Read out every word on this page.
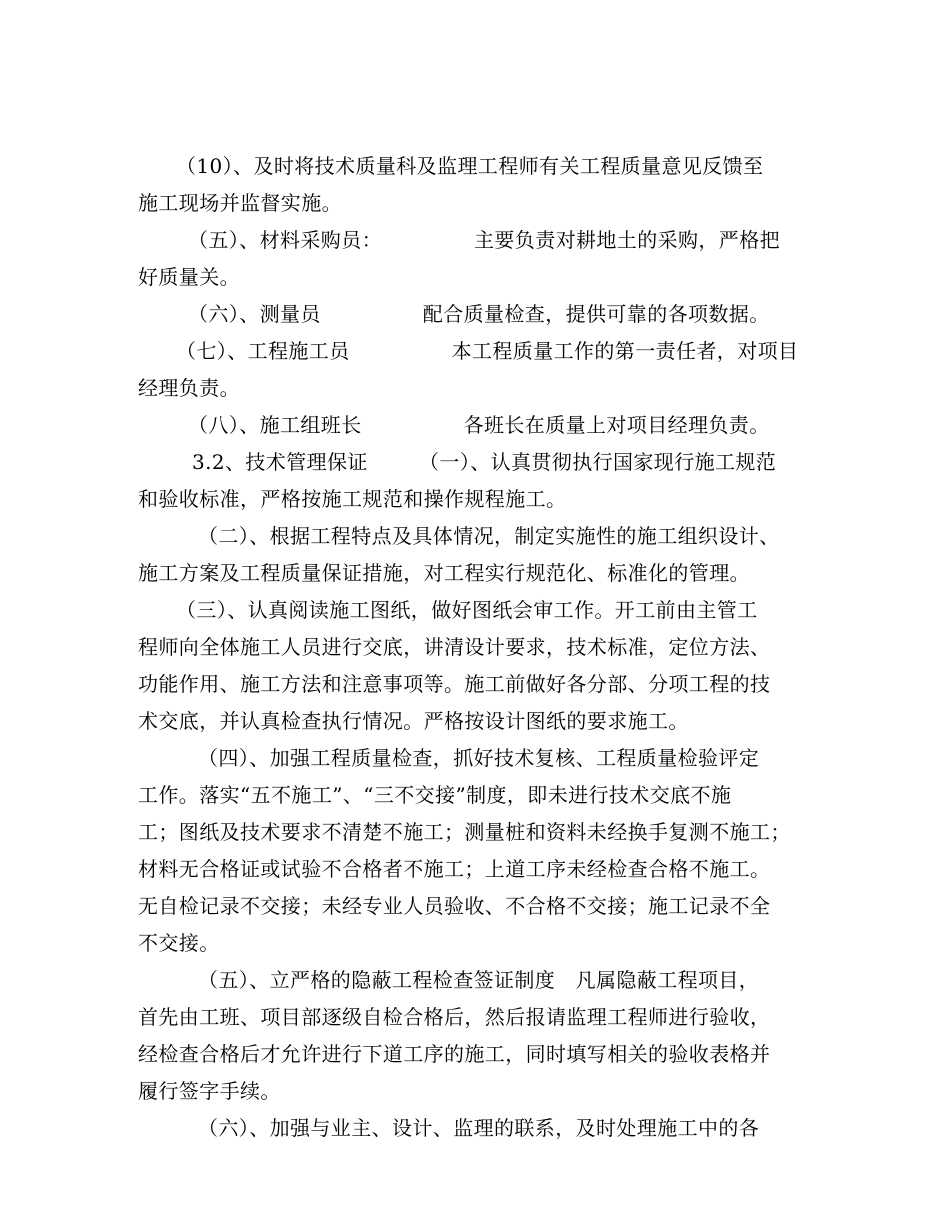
（10）、及时将技术质量科及监理工程师有关工程质量意见反馈至
施工现场并监督实施。
（五）、材料采购员：　　　　　主要负责对耕地土的采购，严格把
好质量关。
（六）、测量员　　　　　配合质量检查，提供可靠的各项数据。
（七）、工程施工员　　　　　本工程质量工作的第一责任者，对项目
经理负责。
（八）、施工组班长　　　　　各班长在质量上对项目经理负责。
3.2、技术管理保证　　　（一）、认真贯彻执行国家现行施工规范
和验收标准，严格按施工规范和操作规程施工。
（二）、根据工程特点及具体情况，制定实施性的施工组织设计、
施工方案及工程质量保证措施，对工程实行规范化、标准化的管理。
（三）、认真阅读施工图纸，做好图纸会审工作。开工前由主管工
程师向全体施工人员进行交底，讲清设计要求，技术标准，定位方法、
功能作用、施工方法和注意事项等。施工前做好各分部、分项工程的技
术交底，并认真检查执行情况。严格按设计图纸的要求施工。
（四）、加强工程质量检查，抓好技术复核、工程质量检验评定
工作。落实“五不施工”、“三不交接”制度，即未进行技术交底不施
工；图纸及技术要求不清楚不施工；测量桩和资料未经换手复测不施工；
材料无合格证或试验不合格者不施工；上道工序未经检查合格不施工。
无自检记录不交接；未经专业人员验收、不合格不交接；施工记录不全
不交接。
（五）、立严格的隐蔽工程检查签证制度　凡属隐蔽工程项目，
首先由工班、项目部逐级自检合格后，然后报请监理工程师进行验收，
经检查合格后才允许进行下道工序的施工，同时填写相关的验收表格并
履行签字手续。
（六）、加强与业主、设计、监理的联系，及时处理施工中的各
